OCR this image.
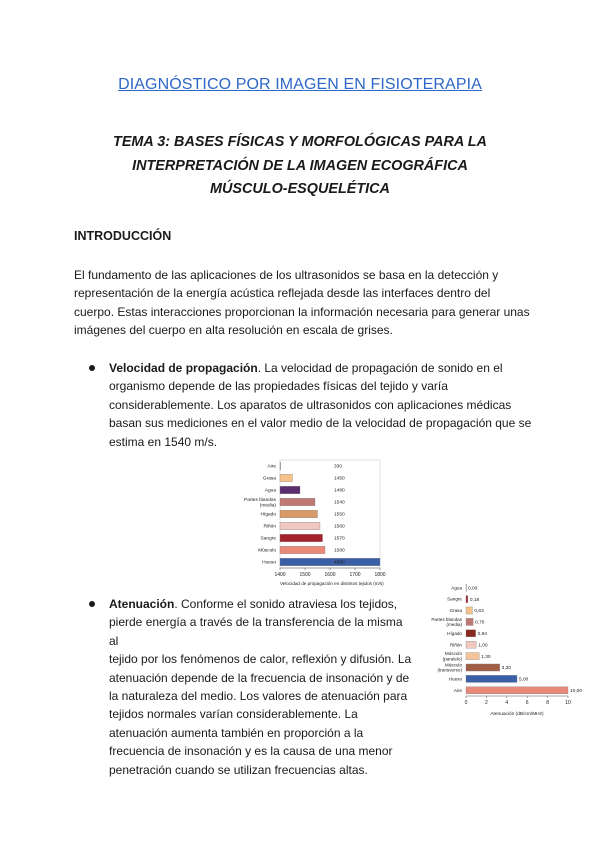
DIAGNÓSTICO POR IMAGEN EN FISIOTERAPIA
TEMA 3: BASES FÍSICAS Y MORFOLÓGICAS PARA LA
INTERPRETACIÓN DE LA IMAGEN ECOGRÁFICA
MÚSCULO-ESQUELÉTICA
INTRODUCCIÓN
El fundamento de las aplicaciones de los ultrasonidos se basa en la detección y
representación de la energía acústica reflejada desde las interfaces dentro del
cuerpo. Estas interacciones proporcionan la información necesaria para generar unas
imágenes del cuerpo en alta resolución en escala de grises.
Velocidad de propagación. La velocidad de propagación de sonido en el
organismo depende de las propiedades físicas del tejido y varía
considerablemente. Los aparatos de ultrasonidos con aplicaciones médicas
basan sus mediciones en el valor medio de la velocidad de propagación que se
estima en 1540 m/s.
Aire	330
Grasa	1450
Agua	1480
Partes blandas
(media)
1540
Hígado	1550
Riñón	1560
Sangre	1570
Músculo	1580
Hueso	4080
1400	1500	1600	1700	1800
Velocidad de propagación en distintos tejidos (m/s)
Atenuación. Conforme el sonido atraviesa los tejidos,
pierde energía a través de la transferencia de la misma al
tejido por los fenómenos de calor, reflexión y difusión. La
atenuación depende de la frecuencia de insonación y de
la naturaleza del medio. Los valores de atenuación para
tejidos normales varían considerablemente. La
atenuación aumenta también en proporción a la
frecuencia de insonación y es la causa de una menor
penetración cuando se utilizan frecuencias altas.
Agua 0,00
Sangre 0,18
Grasa	0,63
Partes blandas
(media)	0,70
Hígado	0,94
Riñón	1,00
Músculo
(paralelo)	1,30
Músculo
(transverso)	3,30
Hueso	5,00
Aire	10,00
0	2	4	6	8	10
Atenuación (dB/cm/MHz)
